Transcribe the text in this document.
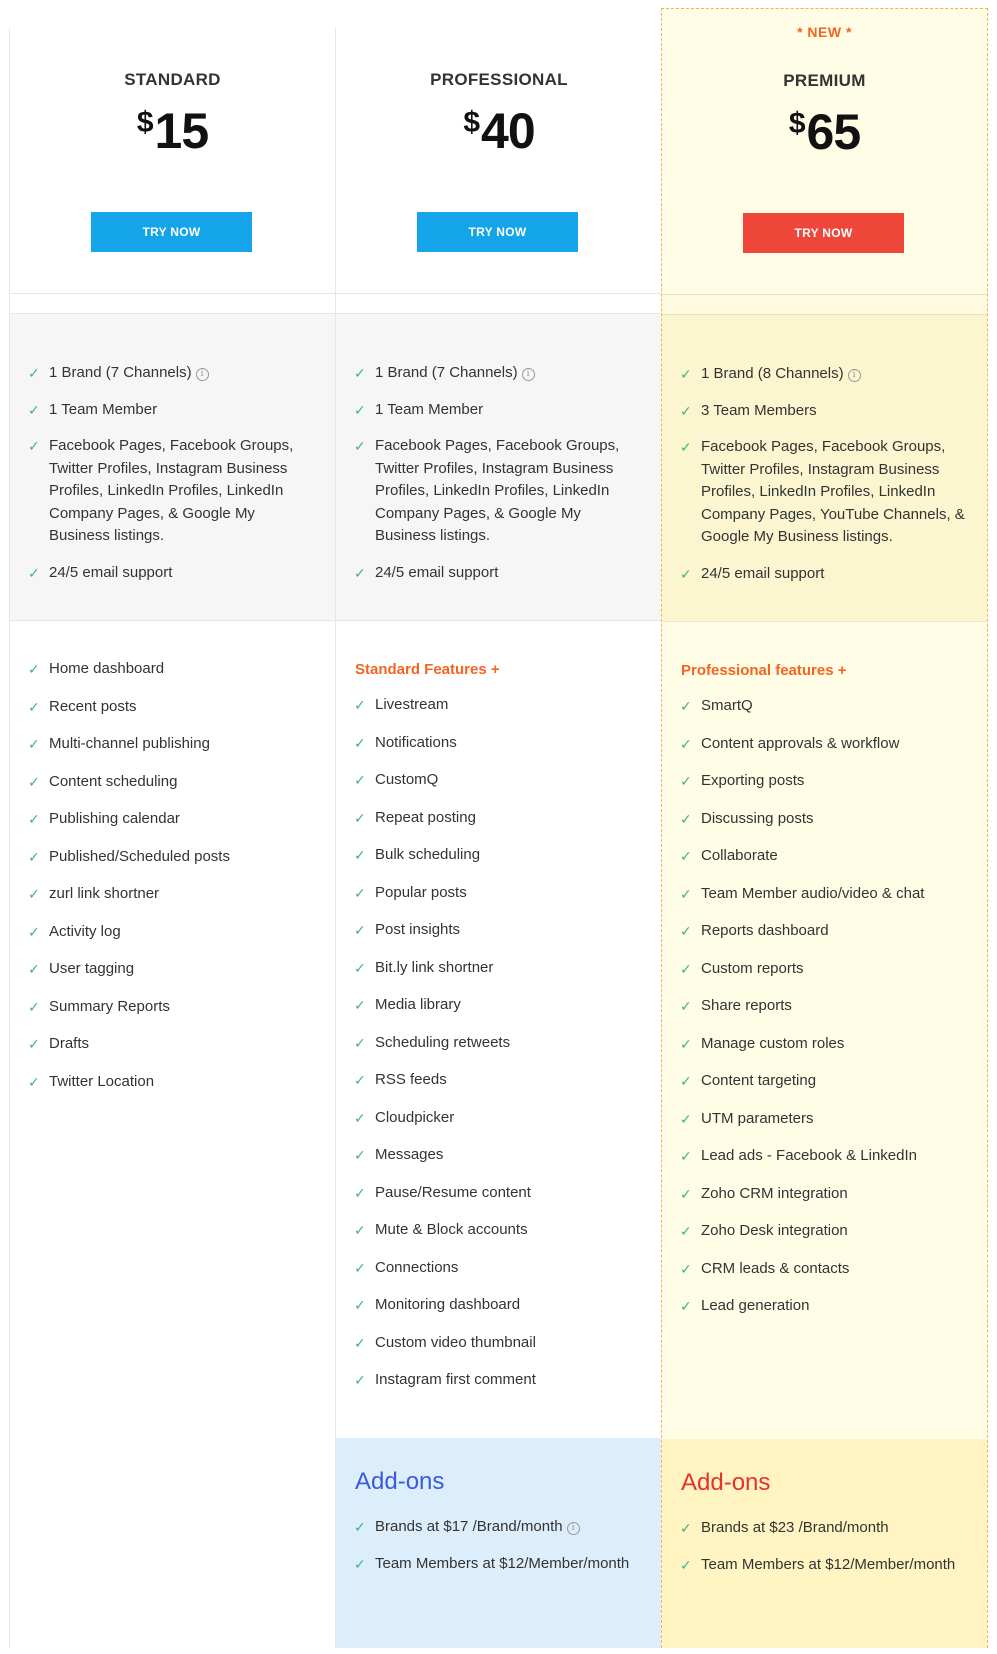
STANDARD
$15
TRY NOW
✓ 1 Brand (7 Channels) i
✓ 1 Team Member
✓ Facebook Pages, Facebook Groups, Twitter Profiles, Instagram Business Profiles, LinkedIn Profiles, LinkedIn Company Pages, & Google My Business listings.
✓ 24/5 email support
✓ Home dashboard
✓ Recent posts
✓ Multi-channel publishing
✓ Content scheduling
✓ Publishing calendar
✓ Published/Scheduled posts
✓ zurl link shortner
✓ Activity log
✓ User tagging
✓ Summary Reports
✓ Drafts
✓ Twitter Location
PROFESSIONAL
$40
TRY NOW
✓ 1 Brand (7 Channels) i
✓ 1 Team Member
✓ Facebook Pages, Facebook Groups, Twitter Profiles, Instagram Business Profiles, LinkedIn Profiles, LinkedIn Company Pages, & Google My Business listings.
✓ 24/5 email support
Standard Features +
✓ Livestream
✓ Notifications
✓ CustomQ
✓ Repeat posting
✓ Bulk scheduling
✓ Popular posts
✓ Post insights
✓ Bit.ly link shortner
✓ Media library
✓ Scheduling retweets
✓ RSS feeds
✓ Cloudpicker
✓ Messages
✓ Pause/Resume content
✓ Mute & Block accounts
✓ Connections
✓ Monitoring dashboard
✓ Custom video thumbnail
✓ Instagram first comment
Add-ons
✓ Brands at $17 /Brand/month i
✓ Team Members at $12/Member/month
* NEW *
PREMIUM
$65
TRY NOW
✓ 1 Brand (8 Channels) i
✓ 3 Team Members
✓ Facebook Pages, Facebook Groups, Twitter Profiles, Instagram Business Profiles, LinkedIn Profiles, LinkedIn Company Pages, YouTube Channels, & Google My Business listings.
✓ 24/5 email support
Professional features +
✓ SmartQ
✓ Content approvals & workflow
✓ Exporting posts
✓ Discussing posts
✓ Collaborate
✓ Team Member audio/video & chat
✓ Reports dashboard
✓ Custom reports
✓ Share reports
✓ Manage custom roles
✓ Content targeting
✓ UTM parameters
✓ Lead ads - Facebook & LinkedIn
✓ Zoho CRM integration
✓ Zoho Desk integration
✓ CRM leads & contacts
✓ Lead generation
Add-ons
✓ Brands at $23 /Brand/month
✓ Team Members at $12/Member/month
